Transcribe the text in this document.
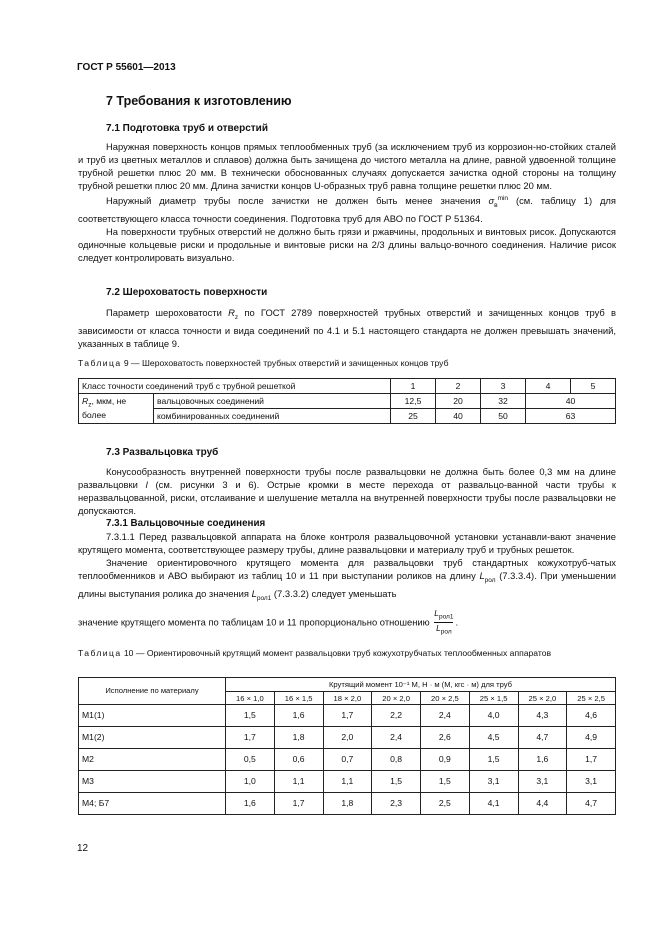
ГОСТ Р 55601—2013
7 Требования к изготовлению
7.1 Подготовка труб и отверстий

Наружная поверхность концов прямых теплообменных труб (за исключением труб из коррозион-но-стойких сталей и труб из цветных металлов и сплавов) должна быть зачищена до чистого металла на длине, равной удвоенной толщине трубной решетки плюс 20 мм. В технически обоснованных случаях допускается зачистка одной стороны на толщину трубной решетки плюс 20 мм. Длина зачистки концов U-образных труб равна толщине решетки плюс 20 мм.

Наружный диаметр трубы после зачистки не должен быть менее значения $\sigma_в^{min}$ (см. таблицу 1) для соответствующего класса точности соединения. Подготовка труб для АВО по ГОСТ Р 51364.

На поверхности трубных отверстий не должно быть грязи и ржавчины, продольных и винтовых рисок. Допускаются одиночные кольцевые риски и продольные и винтовые риски на 2/3 длины вальцо-вочного соединения. Наличие рисок следует контролировать визуально.

7.2 Шероховатость поверхности

Параметр шероховатости $R_z$ по ГОСТ 2789 поверхностей трубных отверстий и зачищенных концов труб в зависимости от класса точности и вида соединений по 4.1 и 5.1 настоящего стандарта не должен превышать значений, указанных в таблице 9.

Таблица 9 — Шероховатость поверхностей трубных отверстий и зачищенных концов труб
Класс точности соединений труб с трубной решеткой		1	2	3	4	5
$R_z$, мкм, не более	вальцовочных соединений	12,5	20	32	40	
	комбинированных соединений	25	40	50	63	
7.3 Развальцовка труб

Конусообразность внутренней поверхности трубы после развальцовки не должна быть более 0,3 мм на длине развальцовки l (см. рисунки 3 и 6). Острые кромки в месте перехода от развальцо-ванной части трубы к неразвальцованной, риски, отслаивание и шелушение металла на внутренней поверхности трубы после развальцовки не допускаются.

7.3.1 Вальцовочные соединения

7.3.1.1 Перед развальцовкой аппарата на блоке контроля развальцовочной установки устанавли-вают значение крутящего момента, соответствующее размеру трубы, длине развальцовки и материалу труб и трубных решеток.

Значение ориентировочного крутящего момента для развальцовки труб стандартных кожухотруб-чатых теплообменников и АВО выбирают из таблиц 10 и 11 при выступании роликов на длину $L_{рол}$ (7.3.3.4). При уменьшении длины выступания ролика до значения $L_{рол1}$ (7.3.3.2) следует уменьшать

значение крутящего момента по таблицам 10 и 11 пропорционально отношению $\frac{L_{рол1}}{L_{рол}}$ .

Таблица 10 — Ориентировочный крутящий момент развальцовки труб кожухотрубчатых теплообменных аппаратов
Исполнение по материалу	Крутящий момент 10⁻¹ М, Н · м (М, кгс · м) для труб							
	16 × 1,0	16 × 1,5	18 × 2,0	20 × 2,0	20 × 2,5	25 × 1,5	25 × 2,0	25 × 2,5
М1(1)	1,5	1,6	1,7	2,2	2,4	4,0	4,3	4,6
М1(2)	1,7	1,8	2,0	2,4	2,6	4,5	4,7	4,9
М2	0,5	0,6	0,7	0,8	0,9	1,5	1,6	1,7
М3	1,0	1,1	1,1	1,5	1,5	3,1	3,1	3,1
М4; Б7	1,6	1,7	1,8	2,3	2,5	4,1	4,4	4,7
12
